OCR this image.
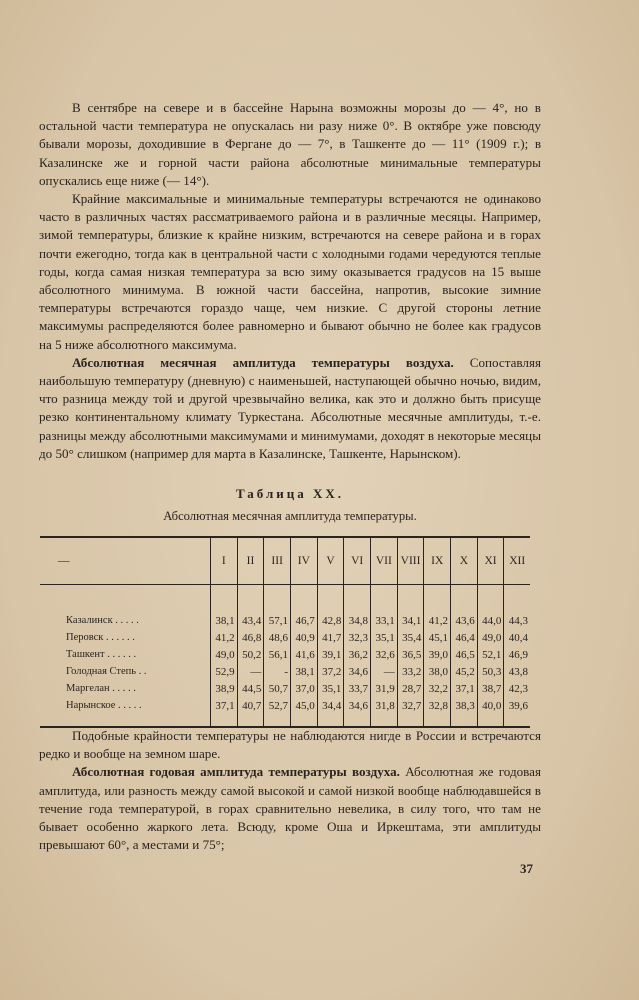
В сентябре на севере и в бассейне Нарына возможны морозы до — 4°, но в остальной части температура не опускалась ни разу ниже 0°. В октябре уже повсюду бывали морозы, доходившие в Фергане до — 7°, в Ташкенте до — 11° (1909 г.); в Казалинске же и горной части района абсолютные минимальные температуры опускались еще ниже (— 14°).

Крайние максимальные и минимальные температуры встречаются не одинаково часто в различных частях рассматриваемого района и в различные месяцы. Например, зимой температуры, близкие к крайне низким, встречаются на севере района и в горах почти ежегодно, тогда как в центральной части с холодными годами чередуются теплые годы, когда самая низкая температура за всю зиму оказывается градусов на 15 выше абсолютного минимума. В южной части бассейна, напротив, высокие зимние температуры встречаются гораздо чаще, чем низкие. С другой стороны летние максимумы распределяются более равномерно и бывают обычно не более как градусов на 5 ниже абсолютного максимума.

Абсолютная месячная амплитуда температуры воздуха. Сопоставляя наибольшую температуру (дневную) с наименьшей, наступающей обычно ночью, видим, что разница между той и другой чрезвычайно велика, как это и должно быть присуще резко континентальному климату Туркестана. Абсолютные месячные амплитуды, т.-е. разницы между абсолютными максимумами и минимумами, доходят в некоторые месяцы до 50° слишком (например для марта в Казалинске, Ташкенте, Нарынском).

Таблица XX.
Абсолютная месячная амплитуда температуры.
—	I	II	III	IV	V	VI	VII	VIII	IX	X	XI	XII

Казалинск . . . . .	38,1	43,4	57,1	46,7	42,8	34,8	33,1	34,1	41,2	43,6	44,0	44,3
Перовск . . . . . .	41,2	46,8	48,6	40,9	41,7	32,3	35,1	35,4	45,1	46,4	49,0	40,4
Ташкент . . . . . .	49,0	50,2	56,1	41,6	39,1	36,2	32,6	36,5	39,0	46,5	52,1	46,9
Голодная Степь . .	52,9	—	-	38,1	37,2	34,6	—	33,2	38,0	45,2	50,3	43,8
Маргелан . . . . .	38,9	44,5	50,7	37,0	35,1	33,7	31,9	28,7	32,2	37,1	38,7	42,3
Нарынское . . . . .	37,1	40,7	52,7	45,0	34,4	34,6	31,8	32,7	32,8	38,3	40,0	39,6

Подобные крайности температуры не наблюдаются нигде в России и встречаются редко и вообще на земном шаре.

Абсолютная годовая амплитуда температуры воздуха. Абсолютная же годовая амплитуда, или разность между самой высокой и самой низкой вообще наблюдавшейся в течение года температурой, в горах сравнительно невелика, в силу того, что там не бывает особенно жаркого лета. Всюду, кроме Оша и Иркештама, эти амплитуды превышают 60°, а местами и 75°;

37
